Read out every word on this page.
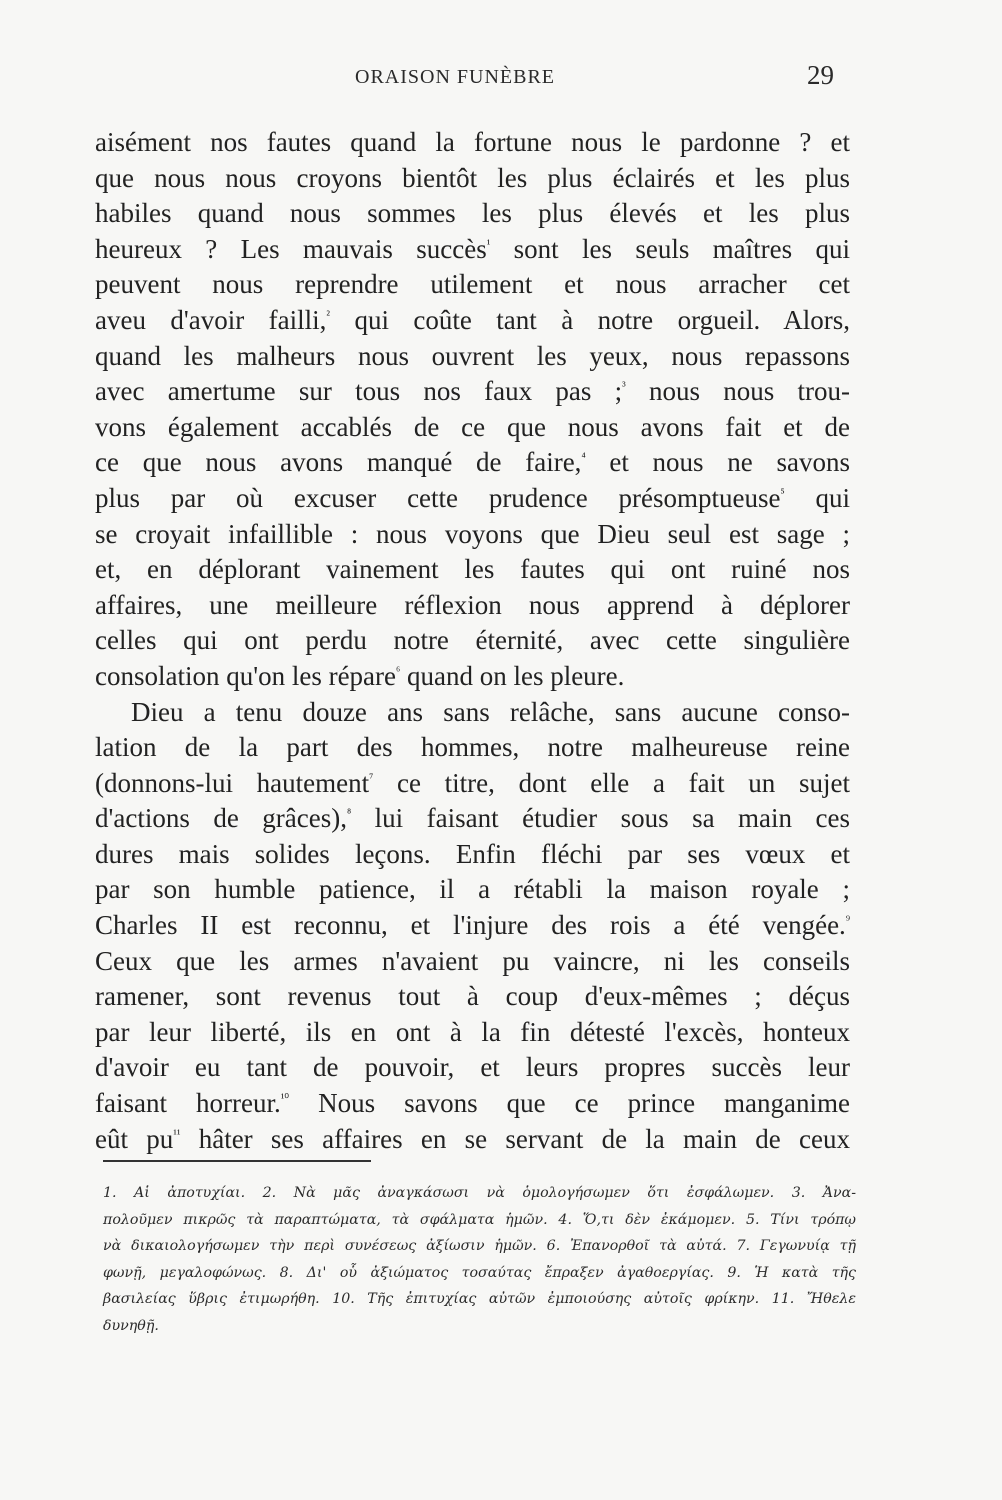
ORAISON FUNÈBRE	29
aisément nos fautes quand la fortune nous le pardonne ? et
que nous nous croyons bientôt les plus éclairés et les plus
habiles quand nous sommes les plus élevés et les plus
heureux ? Les mauvais succès$^{^1}$ sont les seuls maîtres qui
peuvent nous reprendre utilement et nous arracher cet
aveu d'avoir failli,$^{^2}$ qui coûte tant à notre orgueil. Alors,
quand les malheurs nous ouvrent les yeux, nous repassons
avec amertume sur tous nos faux pas ;$^{^3}$ nous nous trou-
vons également accablés de ce que nous avons fait et de
ce que nous avons manqué de faire,$^{^4}$ et nous ne savons
plus par où excuser cette prudence présomptueuse$^{^5}$ qui
se croyait infaillible : nous voyons que Dieu seul est sage ;
et, en déplorant vainement les fautes qui ont ruiné nos
affaires, une meilleure réflexion nous apprend à déplorer
celles qui ont perdu notre éternité, avec cette singulière
consolation qu'on les répare$^{^6}$ quand on les pleure.
Dieu a tenu douze ans sans relâche, sans aucune conso-
lation de la part des hommes, notre malheureuse reine
(donnons-lui hautement$^{^7}$ ce titre, dont elle a fait un sujet
d'actions de grâces),$^{^8}$ lui faisant étudier sous sa main ces
dures mais solides leçons. Enfin fléchi par ses vœux et
par son humble patience, il a rétabli la maison royale ;
Charles II est reconnu, et l'injure des rois a été vengée.$^{^9}$
Ceux que les armes n'avaient pu vaincre, ni les conseils
ramener, sont revenus tout à coup d'eux-mêmes ; déçus
par leur liberté, ils en ont à la fin détesté l'excès, honteux
d'avoir eu tant de pouvoir, et leurs propres succès leur
faisant horreur.$^{^{10}}$ Nous savons que ce prince manganime
eût $pu^{^{11}}$ hâter ses affaires en se servant de la main de ceux
1. Αἱ ἀποτυχίαι. 2. Νὰ μᾶς ἀναγκάσωσι νὰ ὁμολογήσωμεν ὅτι ἐσφάλωμεν. 3. Ἀνα-
πολοῦμεν πικρῶς τὰ παραπτώματα, τὰ σφάλματα ἡμῶν. 4. Ὅ,τι δὲν ἐκάμομεν. 5. Τίνι τρόπῳ
νὰ δικαιολογήσωμεν τὴν περὶ συνέσεως ἀξίωσιν ἡμῶν. 6. Ἐπανορθοῖ τὰ αὐτά. 7. Γεγωνυίᾳ τῇ
φωνῇ, μεγαλοφώνως. 8. Δι' οὗ ἀξιώματος τοσαύτας ἔπραξεν ἀγαθοεργίας. 9. Ἡ κατὰ τῆς
βασιλείας ὕβρις ἐτιμωρήθη. 10. Τῆς ἐπιτυχίας αὐτῶν ἐμποιούσης αὐτοῖς φρίκην. 11. Ἤθελε
δυνηθῇ.
